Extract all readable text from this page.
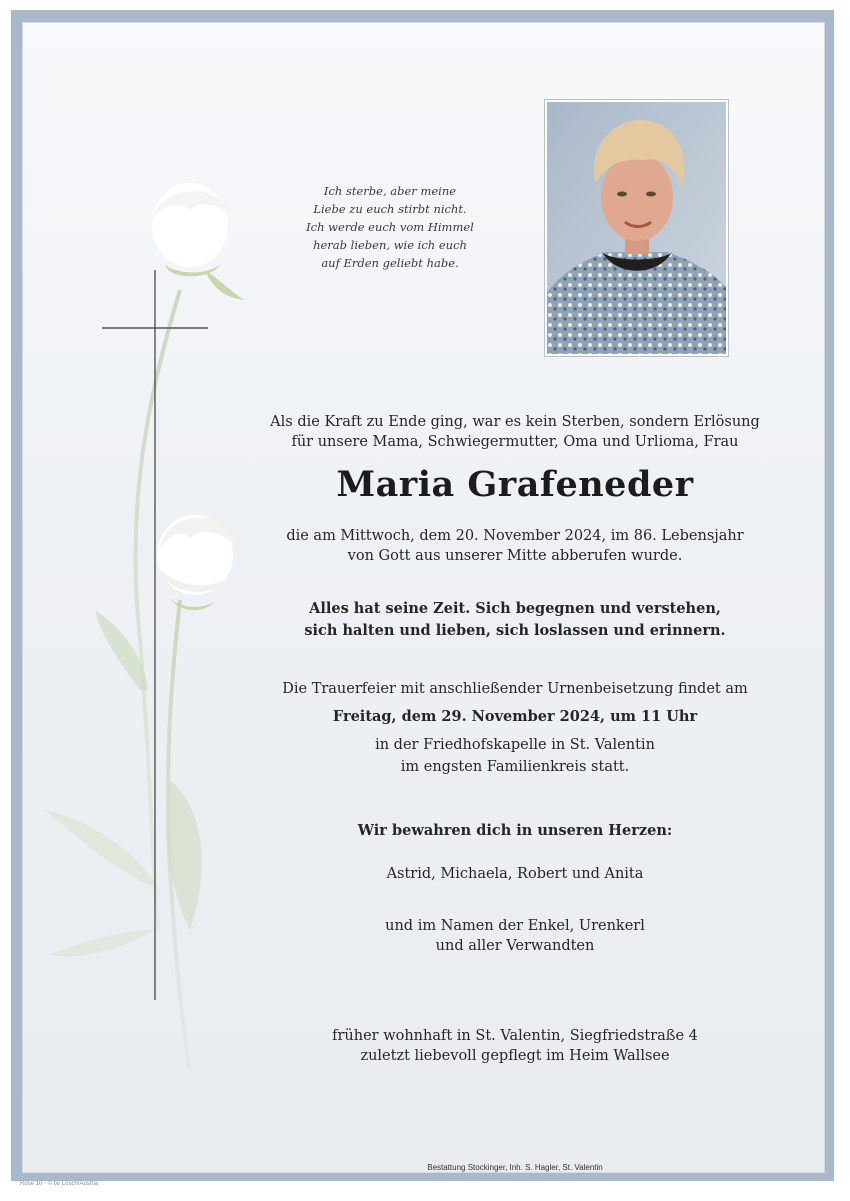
Ich sterbe, aber meine
Liebe zu euch stirbt nicht.
Ich werde euch vom Himmel
herab lieben, wie ich euch
auf Erden geliebt habe.
Als die Kraft zu Ende ging, war es kein Sterben, sondern Erlösung
für unsere Mama, Schwiegermutter, Oma und Urlioma, Frau
Maria Grafeneder
die am Mittwoch, dem 20. November 2024, im 86. Lebensjahr
von Gott aus unserer Mitte abberufen wurde.
Alles hat seine Zeit. Sich begegnen und verstehen,
sich halten und lieben, sich loslassen und erinnern.
Die Trauerfeier mit anschließender Urnenbeisetzung findet am
Freitag, dem 29. November 2024, um 11 Uhr
in der Friedhofskapelle in St. Valentin
im engsten Familienkreis statt.
Wir bewahren dich in unseren Herzen:
Astrid, Michaela, Robert und Anita
und im Namen der Enkel, Urenkerl
und aller Verwandten
früher wohnhaft in St. Valentin, Siegfriedstraße 4
zuletzt liebevoll gepflegt im Heim Wallsee
Bestattung Stockinger, Inh. S. Hagler, St. Valentin
Rose 10 - © bv Lösch/Austria
